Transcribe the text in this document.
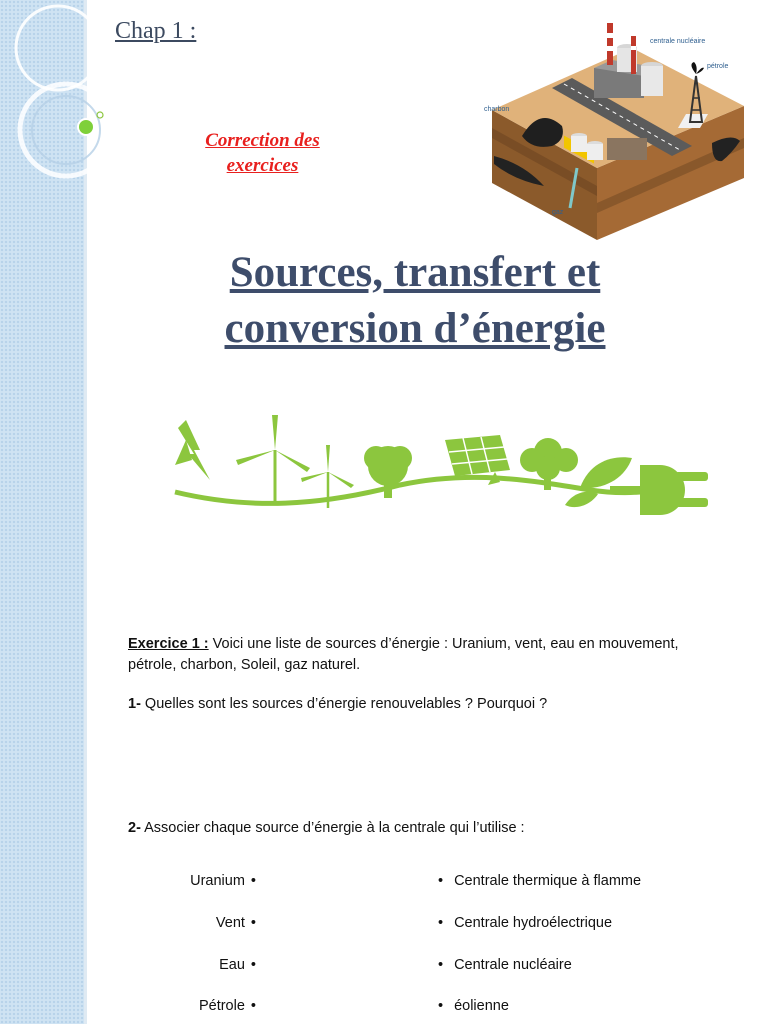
Chap 1 :
Correction des exercices
Sources, transfert et conversion d’énergie
centrale nucléaire
pétrole
charbon
gaz
Exercice 1 : Voici une liste de sources d’énergie : Uranium, vent, eau en mouvement, pétrole, charbon, Soleil, gaz naturel.
1- Quelles sont les sources d’énergie renouvelables ? Pourquoi ?
2- Associer chaque source d’énergie à la centrale qui l’utilise :
Uranium •
Vent •
Eau •
Pétrole •
• Centrale thermique à flamme
• Centrale hydroélectrique
• Centrale nucléaire
• éolienne
